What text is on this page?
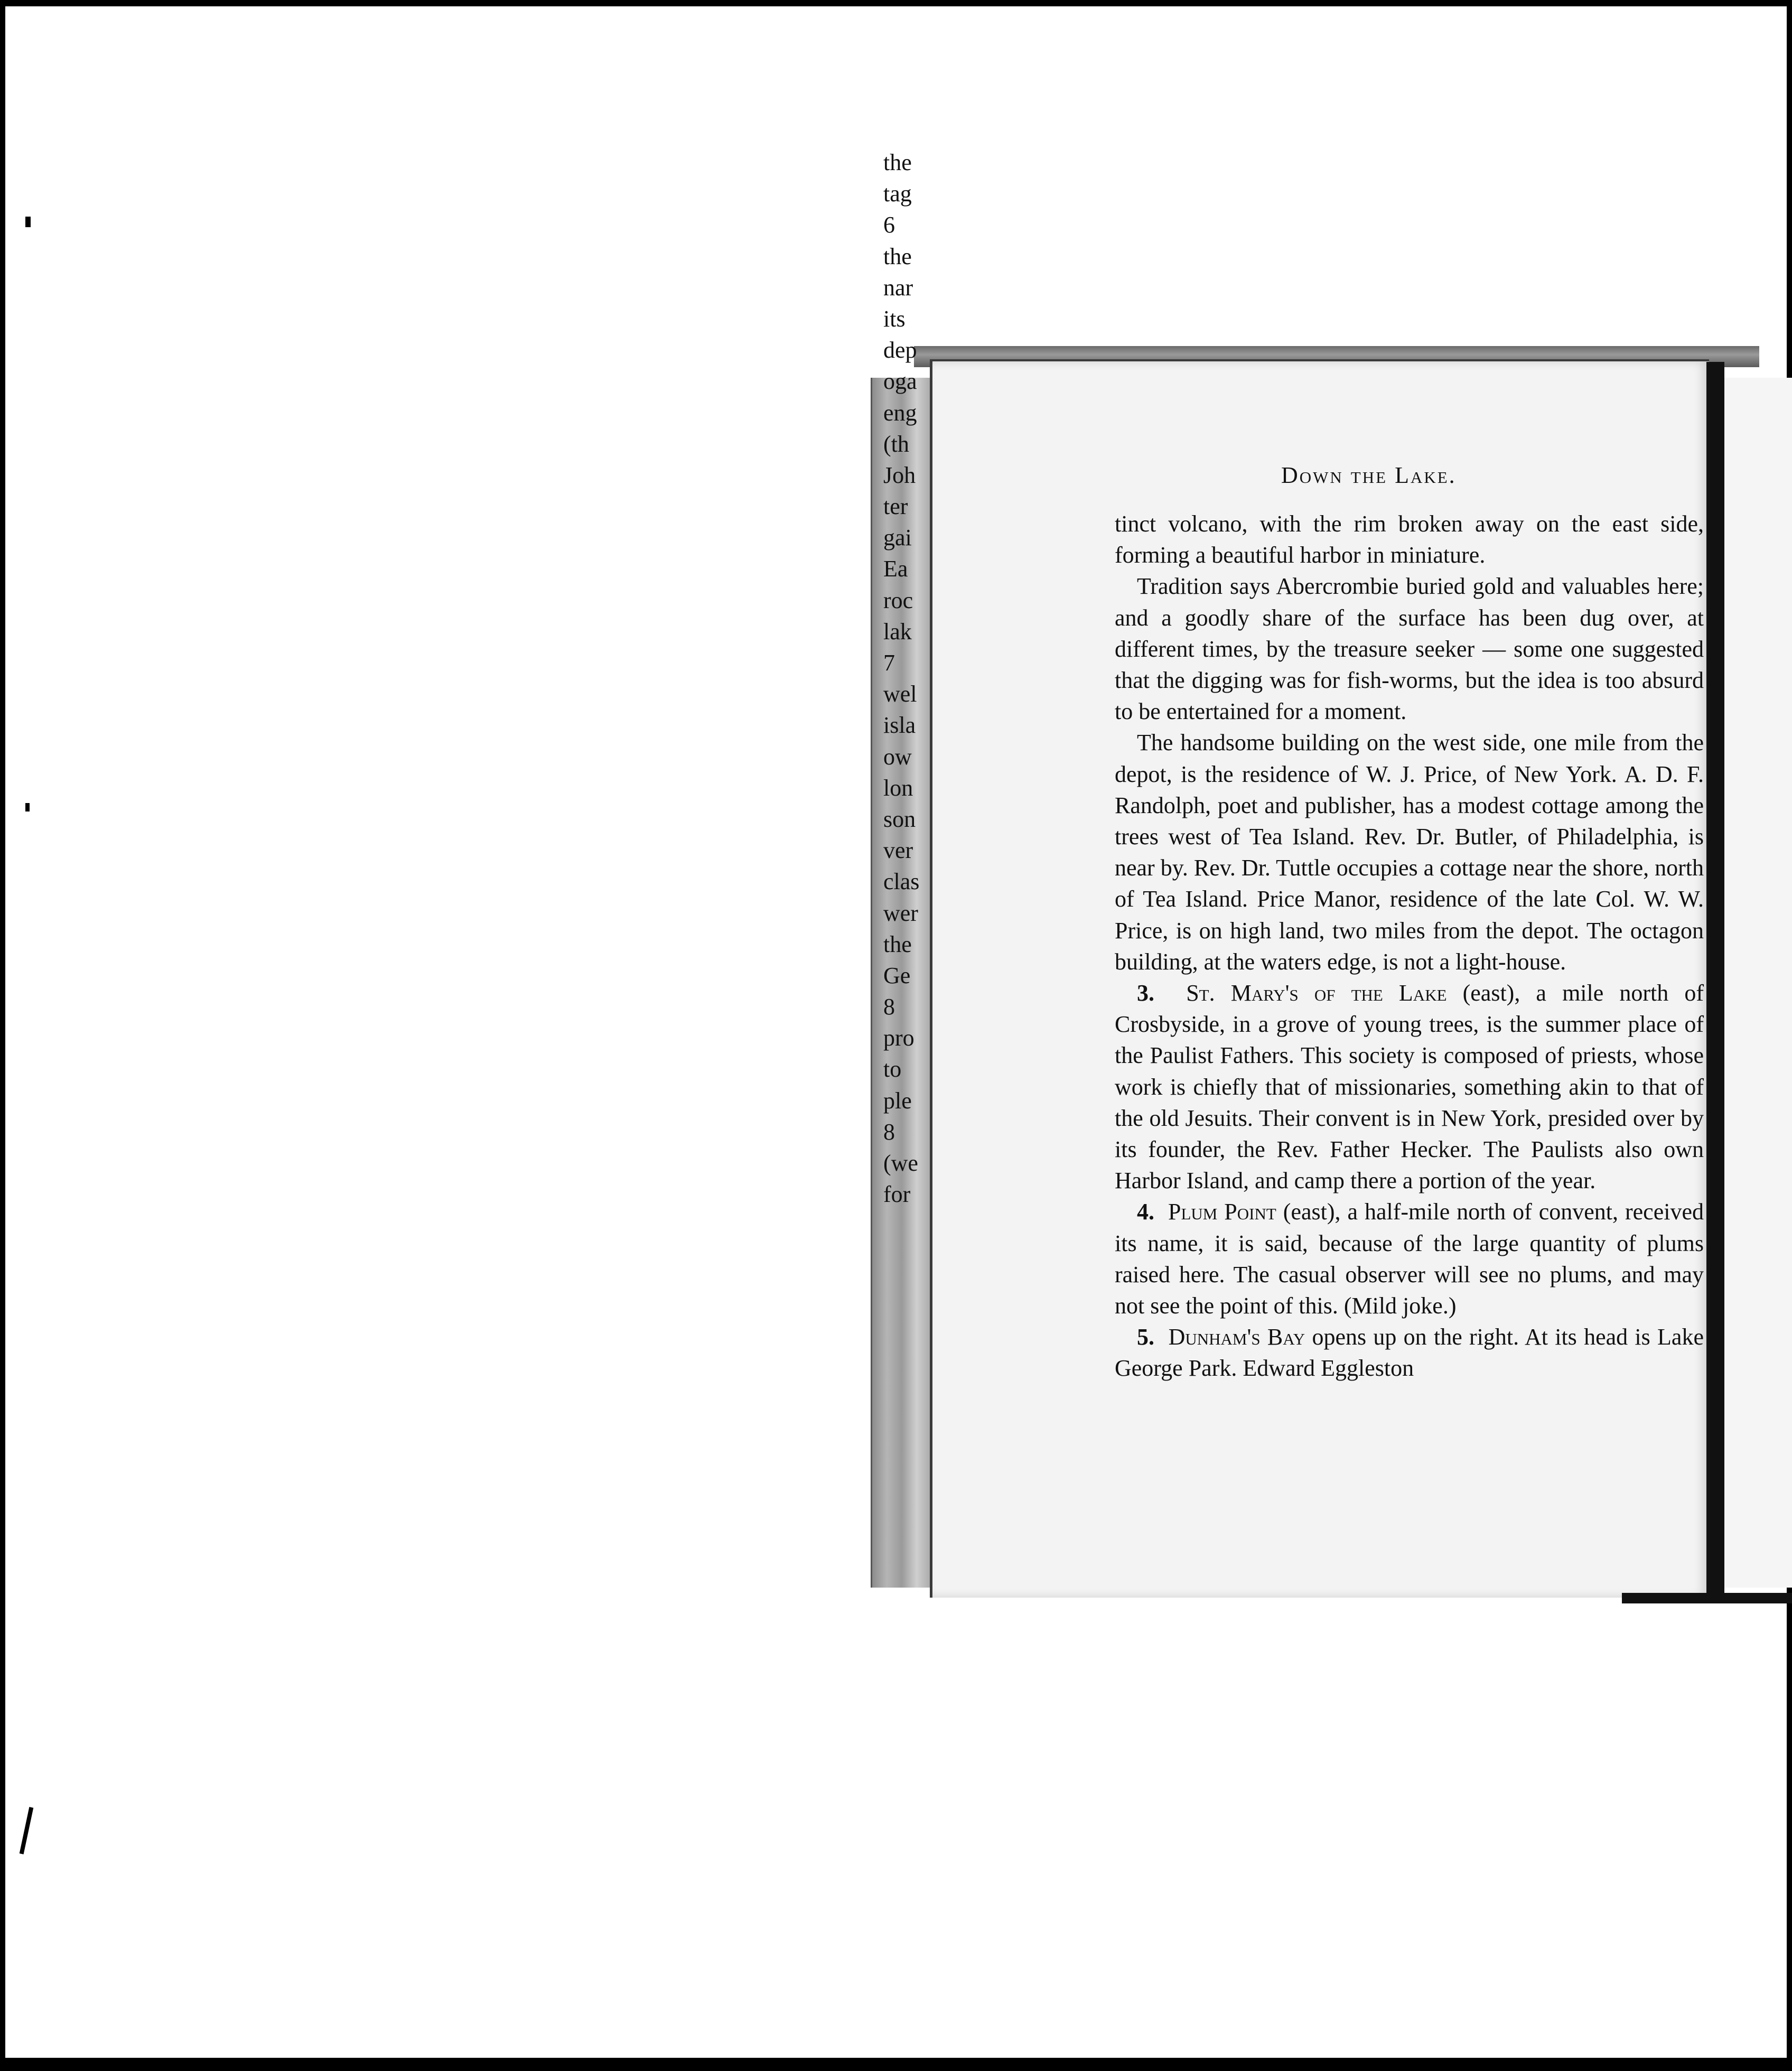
Down the Lake.

tinct volcano, with the rim broken away on the east side, forming a beautiful harbor in miniature.

Tradition says Abercrombie buried gold and valuables here; and a goodly share of the surface has been dug over, at different times, by the treasure seeker — some one suggested that the digging was for fish-worms, but the idea is too absurd to be entertained for a moment.

The handsome building on the west side, one mile from the depot, is the residence of W. J. Price, of New York. A. D. F. Randolph, poet and publisher, has a modest cottage among the trees west of Tea Island. Rev. Dr. Butler, of Philadelphia, is near by. Rev. Dr. Tuttle occupies a cottage near the shore, north of Tea Island. Price Manor, residence of the late Col. W. W. Price, is on high land, two miles from the depot. The octagon building, at the waters edge, is not a light-house.

3. St. Mary's of the Lake (east), a mile north of Crosbyside, in a grove of young trees, is the summer place of the Paulist Fathers. This society is composed of priests, whose work is chiefly that of missionaries, something akin to that of the old Jesuits. Their convent is in New York, presided over by its founder, the Rev. Father Hecker. The Paulists also own Harbor Island, and camp there a portion of the year.

4. Plum Point (east), a half-mile north of convent, received its name, it is said, because of the large quantity of plums raised here. The casual observer will see no plums, and may not see the point of this. (Mild joke.)

5. Dunham's Bay opens up on the right. At its head is Lake George Park. Edward Eggleston

the
tag
6
the
nar
its
dep
oga
eng
(th
Joh
ter
gai
Ea
roc
lak
7
wel
isla
ow
lon
son
ver
clas
wer
the
Ge
8
pro
to
ple
8
(we
for
